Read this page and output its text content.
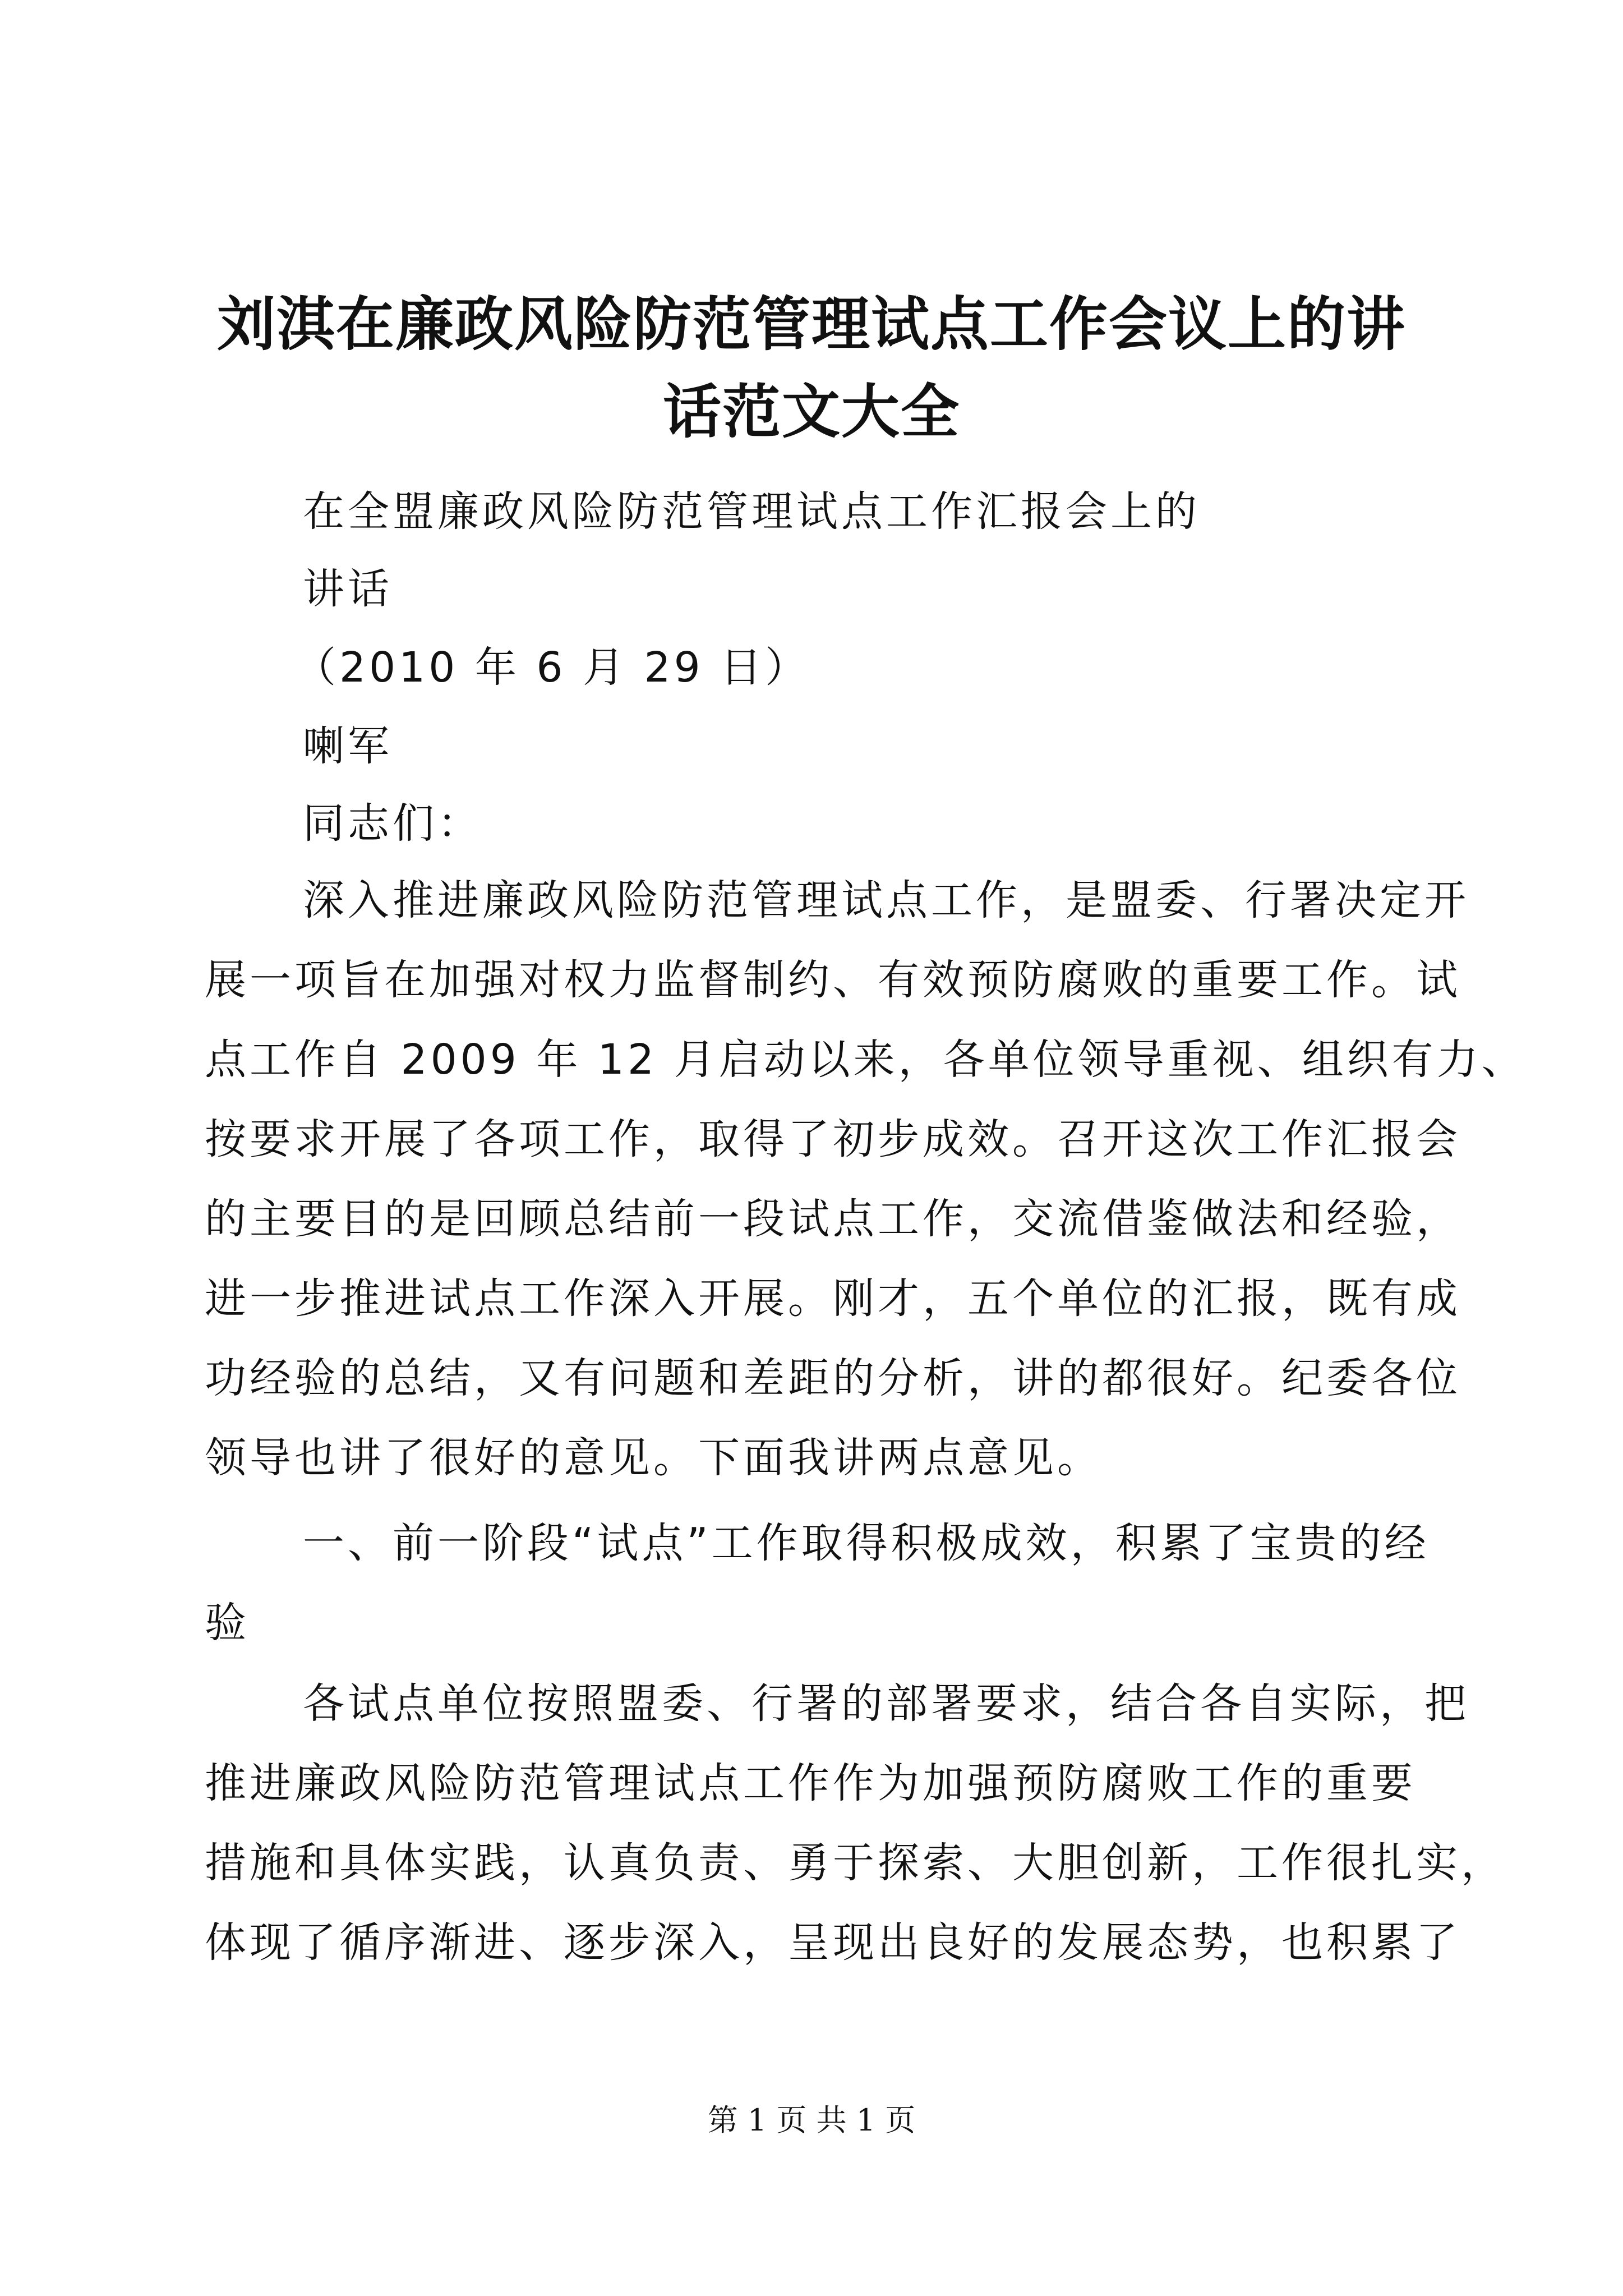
刘淇在廉政风险防范管理试点工作会议上的讲
话范文大全

在全盟廉政风险防范管理试点工作汇报会上的

讲话

（2010 年 6 月 29 日）

喇军

同志们：

深入推进廉政风险防范管理试点工作，是盟委、行署决定开
展一项旨在加强对权力监督制约、有效预防腐败的重要工作。试
点工作自 2009 年 12 月启动以来，各单位领导重视、组织有力、
按要求开展了各项工作，取得了初步成效。召开这次工作汇报会
的主要目的是回顾总结前一段试点工作，交流借鉴做法和经验，
进一步推进试点工作深入开展。刚才，五个单位的汇报，既有成
功经验的总结，又有问题和差距的分析，讲的都很好。纪委各位
领导也讲了很好的意见。下面我讲两点意见。
一、前一阶段“试点”工作取得积极成效，积累了宝贵的经
验
各试点单位按照盟委、行署的部署要求，结合各自实际，把
推进廉政风险防范管理试点工作作为加强预防腐败工作的重要
措施和具体实践，认真负责、勇于探索、大胆创新，工作很扎实，
体现了循序渐进、逐步深入，呈现出良好的发展态势，也积累了

第 1 页 共 1 页
